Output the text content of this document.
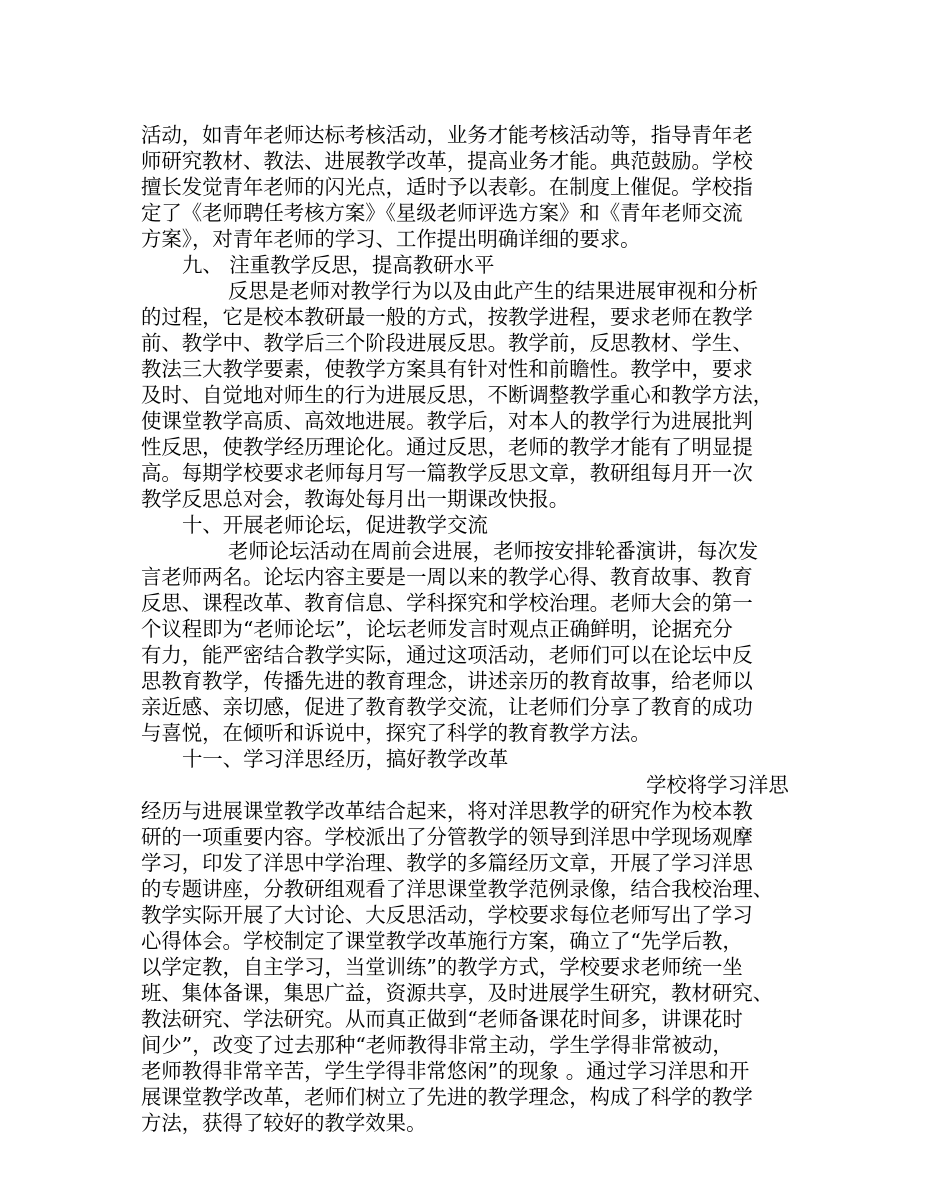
活动，如青年老师达标考核活动，业务才能考核活动等，指导青年老
师研究教材、教法、进展教学改革，提高业务才能。典范鼓励。学校
擅长发觉青年老师的闪光点，适时予以表彰。在制度上催促。学校指
定了《老师聘任考核方案》《星级老师评选方案》和《青年老师交流
方案》，对青年老师的学习、工作提出明确详细的要求。
九、 注重教学反思，提高教研水平
反思是老师对教学行为以及由此产生的结果进展审视和分析
的过程，它是校本教研最一般的方式，按教学进程，要求老师在教学
前、教学中、教学后三个阶段进展反思。教学前，反思教材、学生、
教法三大教学要素，使教学方案具有针对性和前瞻性。教学中，要求
及时、自觉地对师生的行为进展反思，不断调整教学重心和教学方法，
使课堂教学高质、高效地进展。教学后，对本人的教学行为进展批判
性反思，使教学经历理论化。通过反思，老师的教学才能有了明显提
高。每期学校要求老师每月写一篇教学反思文章，教研组每月开一次
教学反思总对会，教诲处每月出一期课改快报。
十、开展老师论坛，促进教学交流
老师论坛活动在周前会进展，老师按安排轮番演讲，每次发
言老师两名。论坛内容主要是一周以来的教学心得、教育故事、教育
反思、课程改革、教育信息、学科探究和学校治理。老师大会的第一
个议程即为“老师论坛”，论坛老师发言时观点正确鲜明，论据充分
有力，能严密结合教学实际，通过这项活动，老师们可以在论坛中反
思教育教学，传播先进的教育理念，讲述亲历的教育故事，给老师以
亲近感、亲切感，促进了教育教学交流，让老师们分享了教育的成功
与喜悦，在倾听和诉说中，探究了科学的教育教学方法。
十一、学习洋思经历，搞好教学改革
学校将学习洋思
经历与进展课堂教学改革结合起来，将对洋思教学的研究作为校本教
研的一项重要内容。学校派出了分管教学的领导到洋思中学现场观摩
学习，印发了洋思中学治理、教学的多篇经历文章，开展了学习洋思
的专题讲座，分教研组观看了洋思课堂教学范例录像，结合我校治理、
教学实际开展了大讨论、大反思活动，学校要求每位老师写出了学习
心得体会。学校制定了课堂教学改革施行方案，确立了“先学后教，
以学定教，自主学习，当堂训练”的教学方式，学校要求老师统一坐
班、集体备课，集思广益，资源共享，及时进展学生研究，教材研究、
教法研究、学法研究。从而真正做到“老师备课花时间多，讲课花时
间少”，改变了过去那种“老师教得非常主动，学生学得非常被动，
老师教得非常辛苦，学生学得非常悠闲”的现象 。通过学习洋思和开
展课堂教学改革，老师们树立了先进的教学理念，构成了科学的教学
方法，获得了较好的教学效果。
